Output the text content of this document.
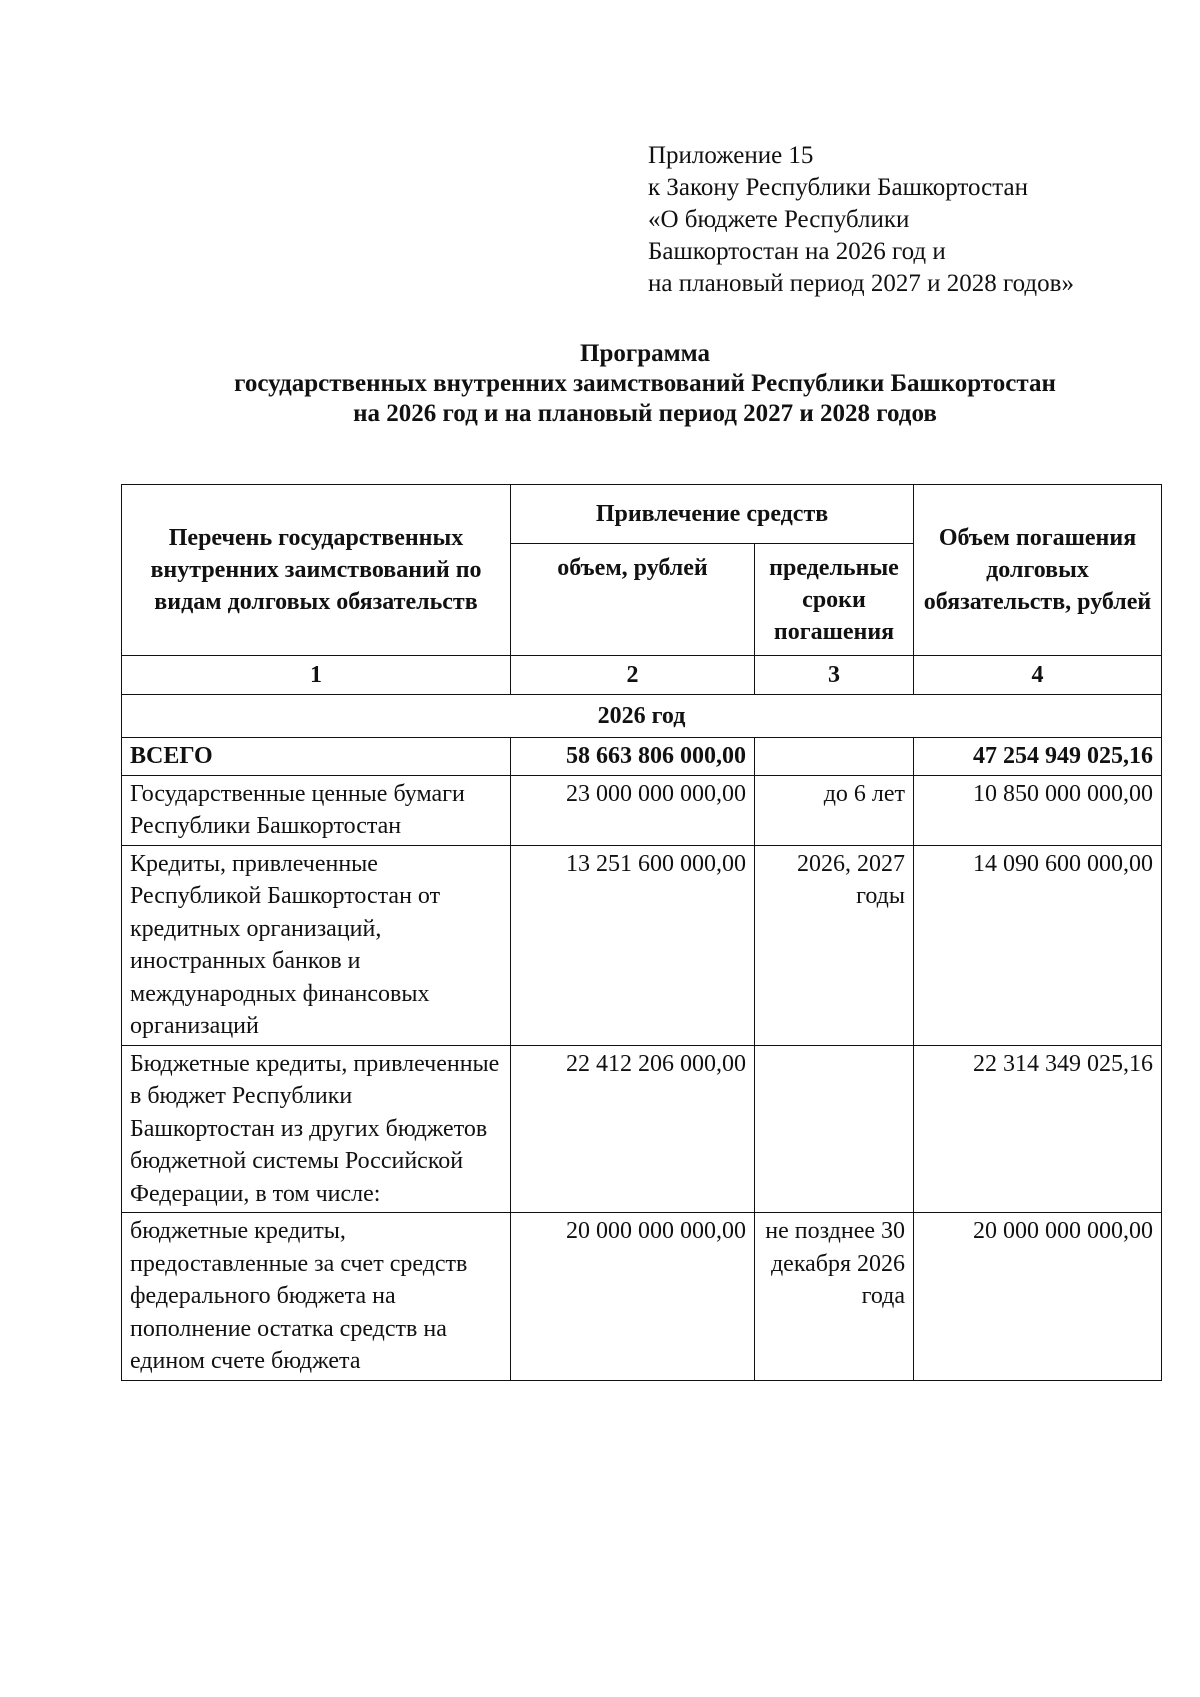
Приложение 15
к Закону Республики Башкортостан
«О бюджете Республики
Башкортостан на 2026 год и
на плановый период 2027 и 2028 годов»
Программа
государственных внутренних заимствований Республики Башкортостан
на 2026 год и на плановый период 2027 и 2028 годов
Перечень государственных внутренних заимствований по видам долговых обязательств	Привлечение средств		Объем погашения долговых обязательств, рублей
	объем, рублей	предельные сроки погашения	
1	2	3	4
2026 год			
ВСЕГО	58 663 806 000,00		47 254 949 025,16
Государственные ценные бумаги Республики Башкортостан	23 000 000 000,00	до 6 лет	10 850 000 000,00
Кредиты, привлеченные Республикой Башкортостан от кредитных организаций, иностранных банков и международных финансовых организаций	13 251 600 000,00	2026, 2027 годы	14 090 600 000,00
Бюджетные кредиты, привлеченные в бюджет Республики Башкортостан из других бюджетов бюджетной системы Российской Федерации, в том числе:	22 412 206 000,00		22 314 349 025,16
бюджетные кредиты, предоставленные за счет средств федерального бюджета на пополнение остатка средств на едином счете бюджета	20 000 000 000,00	не позднее 30 декабря 2026 года	20 000 000 000,00
